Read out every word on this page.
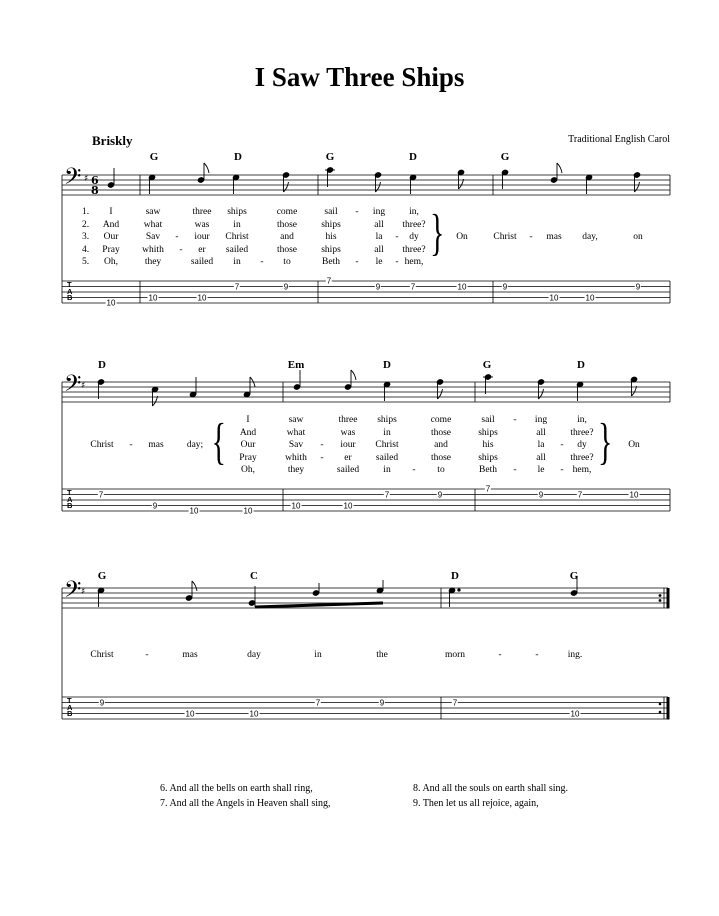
I Saw Three Ships
Briskly	Traditional English Carol
♯ 6
8
♯
♯
𝄢
𝄢
𝄢
T
A
B
T
A
B
T
A
B
G	D	G	D	G
1.
2.
3.
4.
5.
I	saw	three ships	come	sail - ing	in,
And	what	was	in	those	ships	all three?
Our	Sav - iour Christ	and	his	la - dy
Pray whith - er sailed	those	ships	all three?
Oh,	they	sailed in - to	Beth - le - hem,
} On	Christ - mas day,	on
10
10	10
7	9
7
9	7	10	9
10	10
9
D	Em	D	G	D
Christ - mas day; } I	saw	three ships	come	sail - ing	in,
And	what	was	in	those	ships	all	three?
Our	Sav - iour Christ	and	his	la - dy
Pray	whith - er	sailed	those	ships	all	three?
Oh,	they	sailed	in - to	Beth - le - hem, } On
7
9
10	10
10	10
7	9
7
9	7	10
G	C	D	G
Christ	-	mas	day	in	the	morn	-	-	ing.
9
10	10
7	9	7
10
6. And all the bells on earth shall ring,
7. And all the Angels in Heaven shall sing,
8. And all the souls on earth shall sing.
9. Then let us all rejoice, again,
